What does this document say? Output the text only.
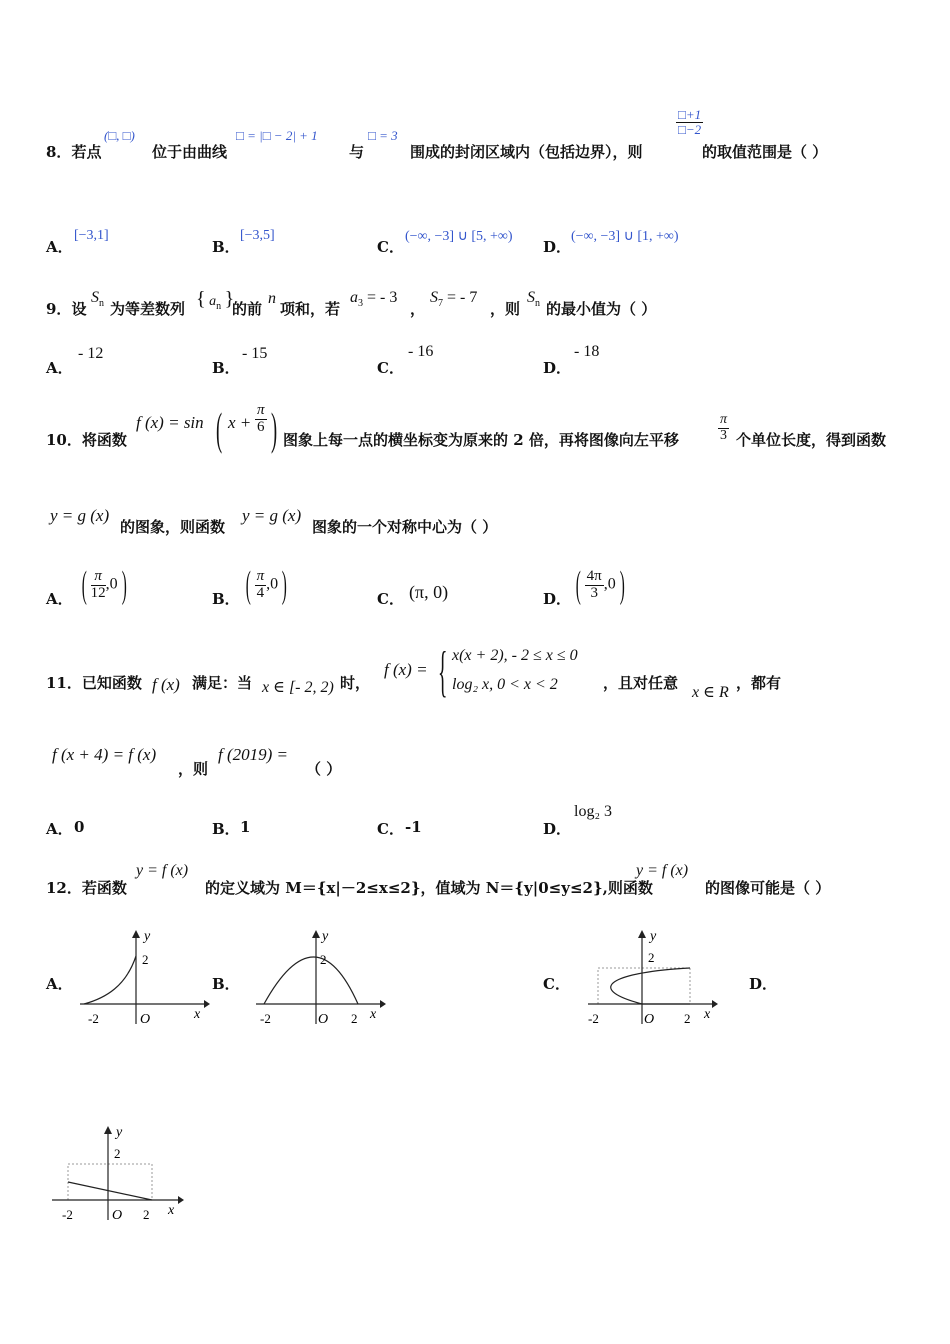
8．若点
(□, □)
位于由曲线
□ = |□ − 2| + 1
与
□ = 3
围成的封闭区域内（包括边界），则
$\frac{□+1}{□-2}$
的取值范围是（ ）
A．
[−3,1]
B．
[−3,5]
C．
(−∞, −3] ∪ [5, +∞)
D．
(−∞, −3] ∪ [1, +∞)
9．设
$S_n$ 为等差数列 { $a_n$ }
的前
n
项和，若
$a_3$ = - 3
，
$S_7$ = - 7
，则
$S_n$ 的最小值为（ ）
A．
- 12
B．
- 15
C．
- 16
D．
- 18
10．将函数
f (x) = sin ( $x + \frac{\pi}{6}$ ) 图象上每一点的横坐标变为原来的 2 倍，再将图像向左平移	$\frac{\pi}{3}$ 个单位长度，得到函数
y = g (x)
的图象，则函数
y = g (x)
图象的一个对称中心为（ ）
A． ( $\frac{\pi}{12} ,0$)	B． ( $\frac{\pi}{4} ,0$)	C． (π, 0)	D． ( $\frac{4\pi}{3} ,0$)
11．已知函数 f (x) 满足：当 x ∈ [- 2, 2) 时，
f (x) = { x(x + 2), - 2 ≤ x ≤ 0
log₂ x, 0 < x < 2	，且对任意
x ∈ R
，都有
f (x + 4) = f (x)
，则
f (2019) =
（ ）
A． 0	B． 1	C． -1	D．
log₂ 3
12．若函数
y = f (x)
的定义域为 M＝{x|－2≤x≤2}，值域为 N＝{y|0≤y≤2},则函数
y = f (x)
的图像可能是（ ）
A．	B．	C．	D．
y
2
-2	O	x
y
2
-2	O 2 x
y
2
-2	O 2 x
y
2
-2	O 2 x
